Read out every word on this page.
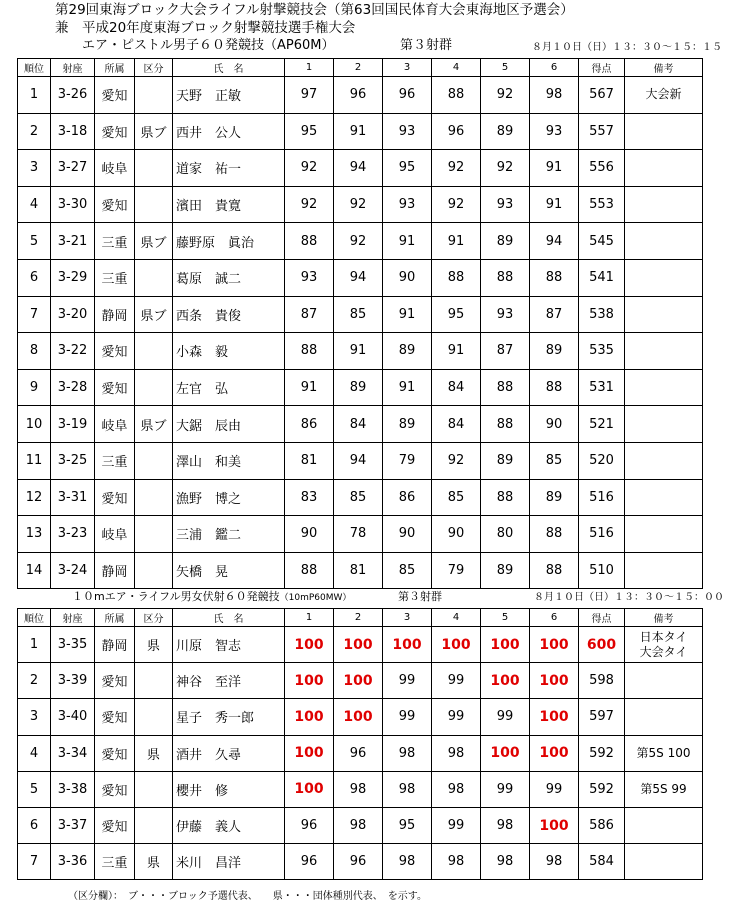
第29回東海ブロック大会ライフル射撃競技会（第63回国民体育大会東海地区予選会）
兼　平成20年度東海ブロック射撃競技選手権大会
エア・ピストル男子６０発競技（AP60M）	第３射群	８月１０日（日）１３：３０～１５：１５
順位	射座	所属	区分	氏　名	1	2	3	4	5	6	得点	備考
1	3-26	愛知		天野　正敏	97	96	96	88	92	98	567	大会新

2	3-18	愛知	県ブ	西井　公人	95	91	93	96	89	93	557	

3	3-27	岐阜		道家　祐一	92	94	95	92	92	91	556	

4	3-30	愛知		濱田　貴寛	92	92	93	92	93	91	553	

5	3-21	三重	県ブ	藤野原　眞治	88	92	91	91	89	94	545	

6	3-29	三重		葛原　誠二	93	94	90	88	88	88	541	

7	3-20	静岡	県ブ	西条　貴俊	87	85	91	95	93	87	538	

8	3-22	愛知		小森　毅	88	91	89	91	87	89	535	

9	3-28	愛知		左官　弘	91	89	91	84	88	88	531	

10	3-19	岐阜	県ブ	大鋸　辰由	86	84	89	84	88	90	521	

11	3-25	三重		澤山　和美	81	94	79	92	89	85	520	

12	3-31	愛知		漁野　博之	83	85	86	85	88	89	516	

13	3-23	岐阜		三浦　鑑二	90	78	90	90	80	88	516	

14	3-24	静岡		矢橋　晃	88	81	85	79	89	88	510	
１０mエア・ライフル男女伏射６０発競技（10mP60MW）	第３射群	８月１０日（日）１３：３０～１５：００
順位	射座	所属	区分	氏　名	1	2	3	4	5	6	得点	備考
1	3-35	静岡	県	川原　智志	100	100	100	100	100	100	600	日本タイ
大会タイ

2	3-39	愛知		神谷　至洋	100	100	99	99	100	100	598	

3	3-40	愛知		星子　秀一郎	100	100	99	99	99	100	597	

4	3-34	愛知	県	酒井　久尋	100	96	98	98	100	100	592	第5S 100

5	3-38	愛知		櫻井　修	100	98	98	98	99	99	592	第5S 99

6	3-37	愛知		伊藤　義人	96	98	95	99	98	100	586	

7	3-36	三重	県	米川　昌洋	96	96	98	98	98	98	584	
（区分欄）：　ブ・・・ブロック予選代表、　　県・・・団体種別代表、　を示す。
